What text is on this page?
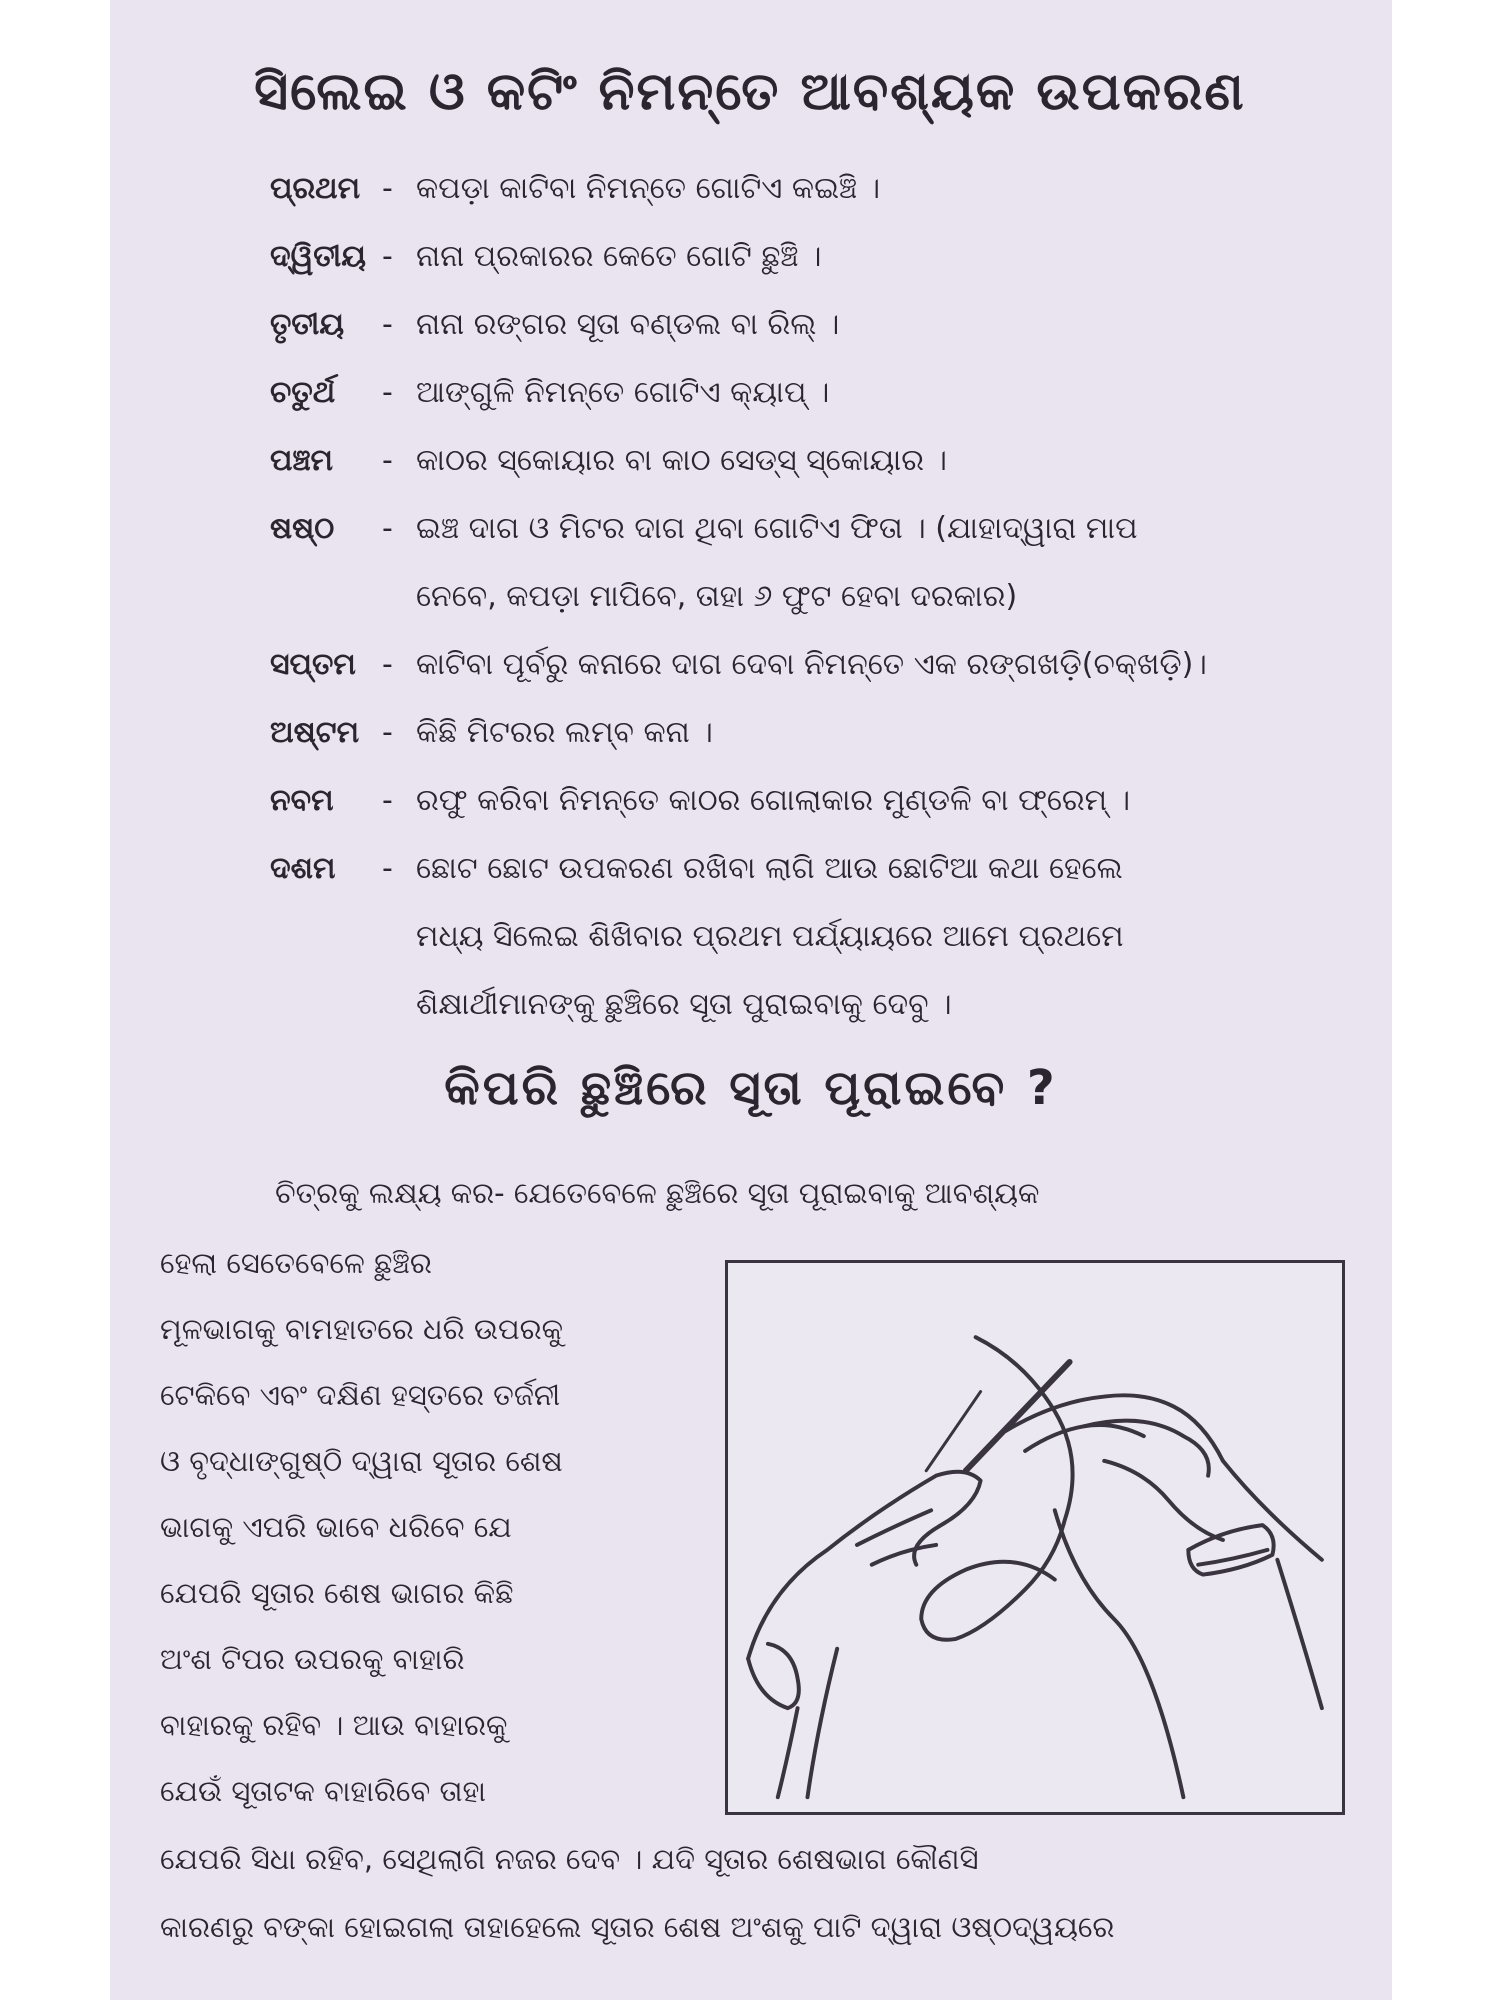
ସିଲେଇ ଓ କଟିଂ ନିମନ୍ତେ ଆବଶ୍ୟକ ଉପକରଣ
ପ୍ରଥମ - କପଡ଼ା କାଟିବା ନିମନ୍ତେ ଗୋଟିଏ କଇଞ୍ଚି ।
ଦ୍ୱିତୀୟ - ନାନା ପ୍ରକାରର କେତେ ଗୋଟି ଛୁଞ୍ଚି ।
ତୃତୀୟ	- ନାନା ରଙ୍ଗର ସୂତା ବଣ୍ଡଲ ବା ରିଲ୍ ।
ଚତୁର୍ଥ	- ଆଙ୍ଗୁଳି ନିମନ୍ତେ ଗୋଟିଏ କ୍ୟାପ୍ ।
ପଞ୍ଚମ	- କାଠର ସ୍କୋୟାର ବା କାଠ ସେଡ୍‌ସ୍ ସ୍କୋୟାର ।
ଷଷ୍ଠ	- ଇଞ୍ଚ ଦାଗ ଓ ମିଟର ଦାଗ ଥିବା ଗୋଟିଏ ଫିତା । (ଯାହାଦ୍ୱାରା ମାପ
ନେବେ, କପଡ଼ା ମାପିବେ, ତାହା ୬ ଫୁଟ ହେବା ଦରକାର)
ସପ୍ତମ - କାଟିବା ପୂର୍ବରୁ କନାରେ ଦାଗ ଦେବା ନିମନ୍ତେ ଏକ ରଙ୍ଗଖଡ଼ି(ଚକ୍‌ଖଡ଼ି)।
ଅଷ୍ଟମ - କିଛି ମିଟରର ଲମ୍ବ କନା ।
ନବମ	- ରଫୁ କରିବା ନିମନ୍ତେ କାଠର ଗୋଲାକାର ମୁଣ୍ଡଳି ବା ଫ୍ରେମ୍ ।
ଦଶମ	- ଛୋଟ ଛୋଟ ଉପକରଣ ରଖିବା ଲାଗି ଆଉ ଛୋଟିଆ କଥା ହେଲେ
ମଧ୍ୟ ସିଲେଇ ଶିଖିବାର ପ୍ରଥମ ପର୍ଯ୍ୟାୟରେ ଆମେ ପ୍ରଥମେ
ଶିକ୍ଷାର୍ଥୀମାନଙ୍କୁ ଛୁଞ୍ଚିରେ ସୂତା ପୁରାଇବାକୁ ଦେବୁ ।
କିପରି ଛୁଞ୍ଚିରେ ସୂତା ପୂରାଇବେ ?
ଚିତ୍ରକୁ ଲକ୍ଷ୍ୟ କର- ଯେତେବେଳେ ଛୁଞ୍ଚିରେ ସୂତା ପୂରାଇବାକୁ ଆବଶ୍ୟକ
ହେଲା ସେତେବେଳେ ଛୁଞ୍ଚିର
ମୂଳଭାଗକୁ ବାମହାତରେ ଧରି ଉପରକୁ
ଟେକିବେ ଏବଂ ଦକ୍ଷିଣ ହସ୍ତରେ ତର୍ଜନୀ
ଓ ବୃଦ୍ଧାଙ୍ଗୁଷ୍ଠି ଦ୍ୱାରା ସୂତାର ଶେଷ
ଭାଗକୁ ଏପରି ଭାବେ ଧରିବେ ଯେ
ଯେପରି ସୂତାର ଶେଷ ଭାଗର କିଛି
ଅଂଶ ଟିପର ଉପରକୁ ବାହାରି
ବାହାରକୁ ରହିବ । ଆଉ ବାହାରକୁ
ଯେଉଁ ସୂତାଟକ ବାହାରିବେ ତାହା
ଯେପରି ସିଧା ରହିବ, ସେଥିଲାଗି ନଜର ଦେବ । ଯଦି ସୂତାର ଶେଷଭାଗ କୌଣସି
କାରଣରୁ ବଙ୍କା ହୋଇଗଲା ତାହାହେଲେ ସୂତାର ଶେଷ ଅଂଶକୁ ପାଟି ଦ୍ୱାରା ଓଷ୍ଠଦ୍ୱୟରେ
